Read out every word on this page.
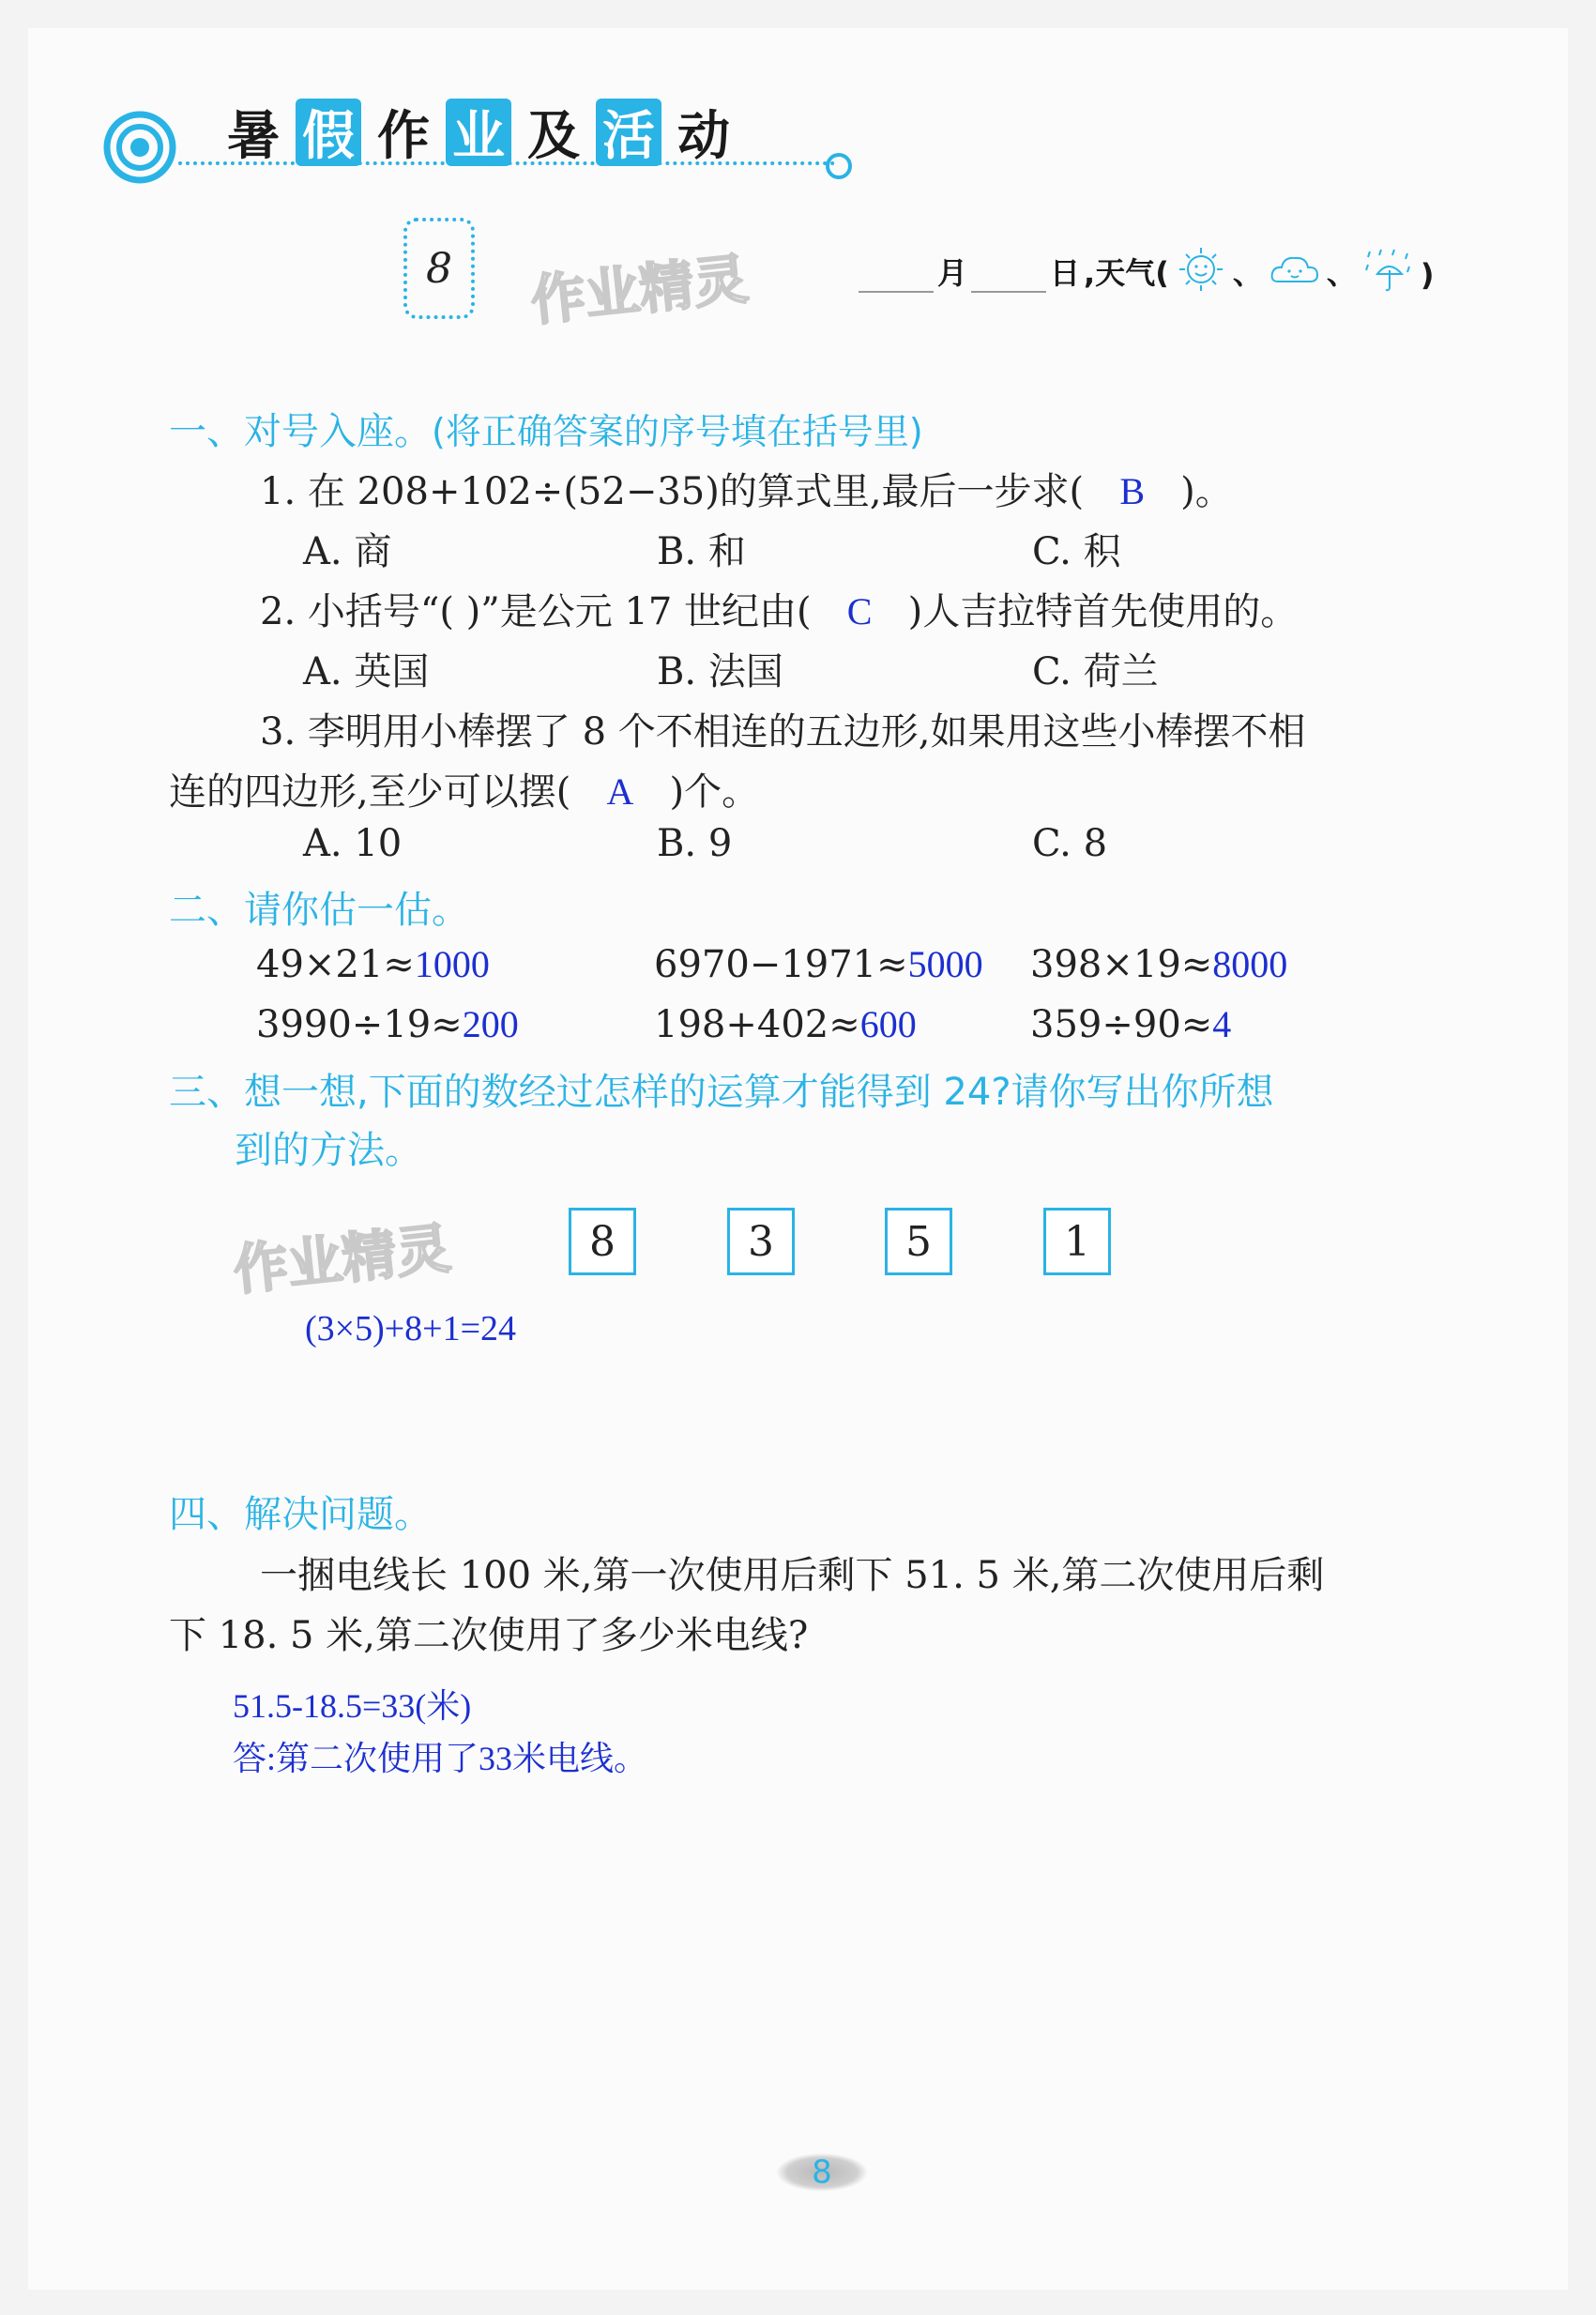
暑 假 作 业 及 活 动
8	作业精灵	月	日 ,天气( 、 、 )
一、对号入座。(将正确答案的序号填在括号里)
1. 在 208+102÷(52−35)的算式里,最后一步求( B )。
A. 商	B. 和	C. 积
2. 小括号“( )”是公元 17 世纪由( C )人吉拉特首先使用的。
A. 英国	B. 法国	C. 荷兰
3. 李明用小棒摆了 8 个不相连的五边形,如果用这些小棒摆不相
连的四边形,至少可以摆( A )个。
A. 10	B. 9	C. 8
二、请你估一估。
49×21≈1000	6970−1971≈5000 398×19≈8000
3990÷19≈200	198+402≈600	359÷90≈4
三、想一想,下面的数经过怎样的运算才能得到 24?请你写出你所想
到的方法。
作业精灵	8	3	5	1
(3×5)+8+1=24
四、解决问题。
一捆电线长 100 米,第一次使用后剩下 51. 5 米,第二次使用后剩
下 18. 5 米,第二次使用了多少米电线?
51.5-18.5=33(米)
答:第二次使用了33米电线。
8
